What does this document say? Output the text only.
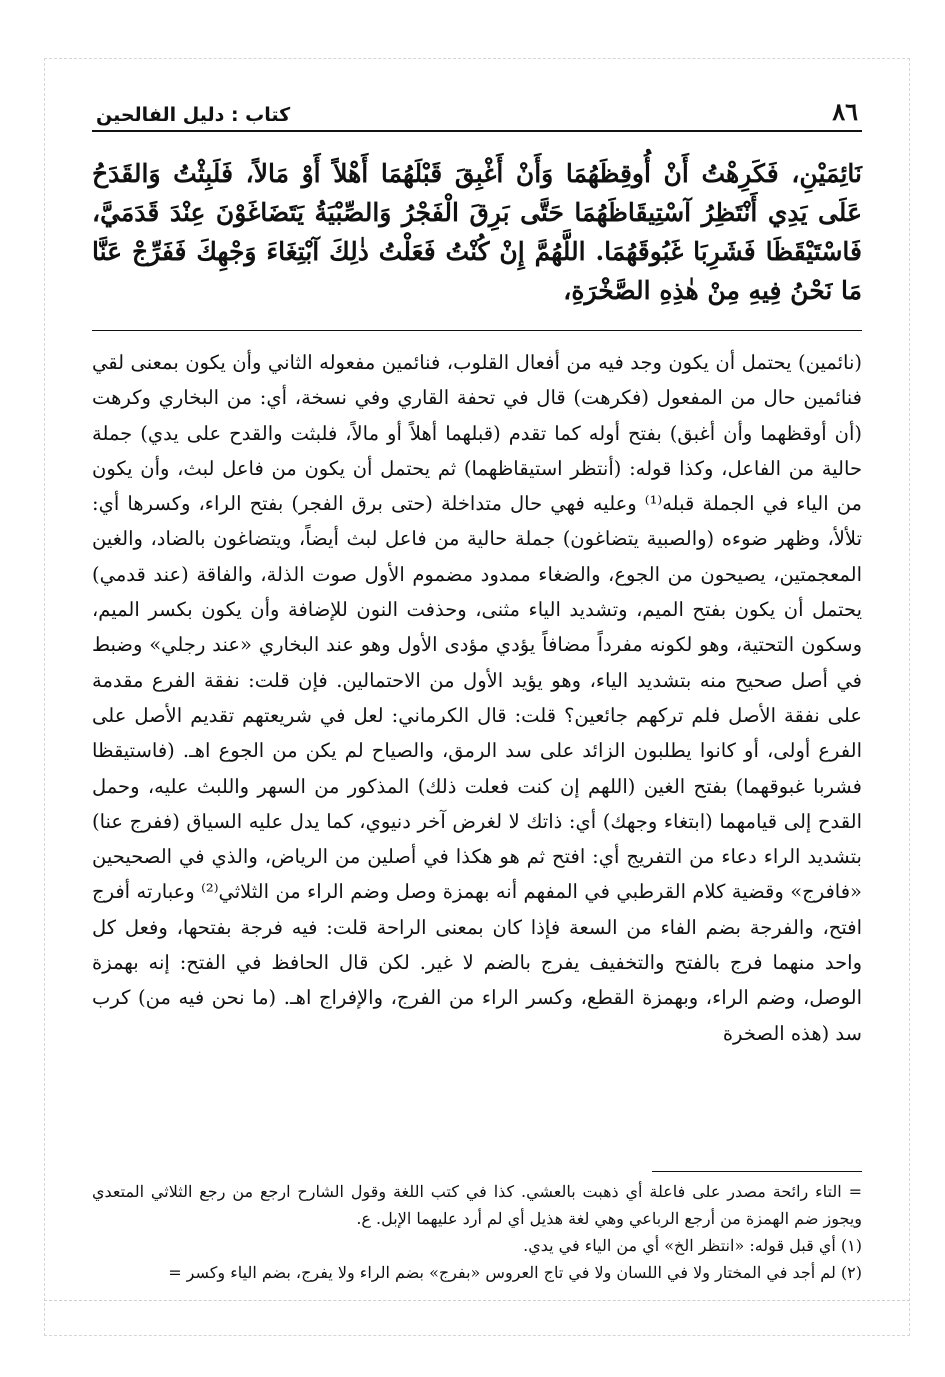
٨٦
كتاب : دليل الفالحين

نَائِمَيْنِ، فَكَرِهْتُ أَنْ أُوقِظَهُمَا وَأَنْ أَغْبِقَ قَبْلَهُمَا أَهْلاً أَوْ مَالاً، فَلَبِثْتُ وَالقَدَحُ عَلَى يَدِي أَنْتَظِرُ آسْتِيقَاظَهُمَا حَتَّى بَرِقَ الْفَجْرُ وَالصِّبْيَةُ يَتَضَاغَوْنَ عِنْدَ قَدَمَيَّ، فَاسْتَيْقَظَا فَشَرِبَا غَبُوقَهُمَا. اللَّهُمَّ إِنْ كُنْتُ فَعَلْتُ ذٰلِكَ آبْتِغَاءَ وَجْهِكَ فَفَرِّجْ عَنَّا مَا نَحْنُ فِيهِ مِنْ هٰذِهِ الصَّخْرَةِ،

(نائمين) يحتمل أن يكون وجد فيه من أفعال القلوب، فنائمين مفعوله الثاني وأن يكون بمعنى لقي فنائمين حال من المفعول (فكرهت) قال في تحفة القاري وفي نسخة، أي: من البخاري وكرهت (أن أوقظهما وأن أغبق) بفتح أوله كما تقدم (قبلهما أهلاً أو مالاً، فلبثت والقدح على يدي) جملة حالية من الفاعل، وكذا قوله: (أنتظر استيقاظهما) ثم يحتمل أن يكون من فاعل لبث، وأن يكون من الياء في الجملة قبله⁽¹⁾ وعليه فهي حال متداخلة (حتى برق الفجر) بفتح الراء، وكسرها أي: تلألأ، وظهر ضوءه (والصبية يتضاغون) جملة حالية من فاعل لبث أيضاً، ويتضاغون بالضاد، والغين المعجمتين، يصيحون من الجوع، والضغاء ممدود مضموم الأول صوت الذلة، والفاقة (عند قدمي) يحتمل أن يكون بفتح الميم، وتشديد الياء مثنى، وحذفت النون للإضافة وأن يكون بكسر الميم، وسكون التحتية، وهو لكونه مفرداً مضافاً يؤدي مؤدى الأول وهو عند البخاري «عند رجلي» وضبط في أصل صحيح منه بتشديد الياء، وهو يؤيد الأول من الاحتمالين. فإن قلت: نفقة الفرع مقدمة على نفقة الأصل فلم تركهم جائعين؟ قلت: قال الكرماني: لعل في شريعتهم تقديم الأصل على الفرع أولى، أو كانوا يطلبون الزائد على سد الرمق، والصياح لم يكن من الجوع اهـ. (فاستيقظا فشربا غبوقهما) بفتح الغين (اللهم إن كنت فعلت ذلك) المذكور من السهر واللبث عليه، وحمل القدح إلى قيامهما (ابتغاء وجهك) أي: ذاتك لا لغرض آخر دنيوي، كما يدل عليه السياق (ففرج عنا) بتشديد الراء دعاء من التفريج أي: افتح ثم هو هكذا في أصلين من الرياض، والذي في الصحيحين «فافرج» وقضية كلام القرطبي في المفهم أنه بهمزة وصل وضم الراء من الثلاثي⁽²⁾ وعبارته أفرج افتح، والفرجة بضم الفاء من السعة فإذا كان بمعنى الراحة قلت: فيه فرجة بفتحها، وفعل كل واحد منهما فرج بالفتح والتخفيف يفرج بالضم لا غير. لكن قال الحافظ في الفتح: إنه بهمزة الوصل، وضم الراء، وبهمزة القطع، وكسر الراء من الفرج، والإفراج اهـ. (ما نحن فيه من) كرب سد (هذه الصخرة

= التاء رائحة مصدر على فاعلة أي ذهبت بالعشي. كذا في كتب اللغة وقول الشارح ارجع من رجع الثلاثي المتعدي ويجوز ضم الهمزة من أرجع الرباعي وهي لغة هذيل أي لم أرد عليهما الإبل. ع.

(١) أي قبل قوله: «انتظر الخ» أي من الياء في يدي.

(٢) لم أجد في المختار ولا في اللسان ولا في تاج العروس «بفرج» بضم الراء ولا يفرج، بضم الياء وكسر =
